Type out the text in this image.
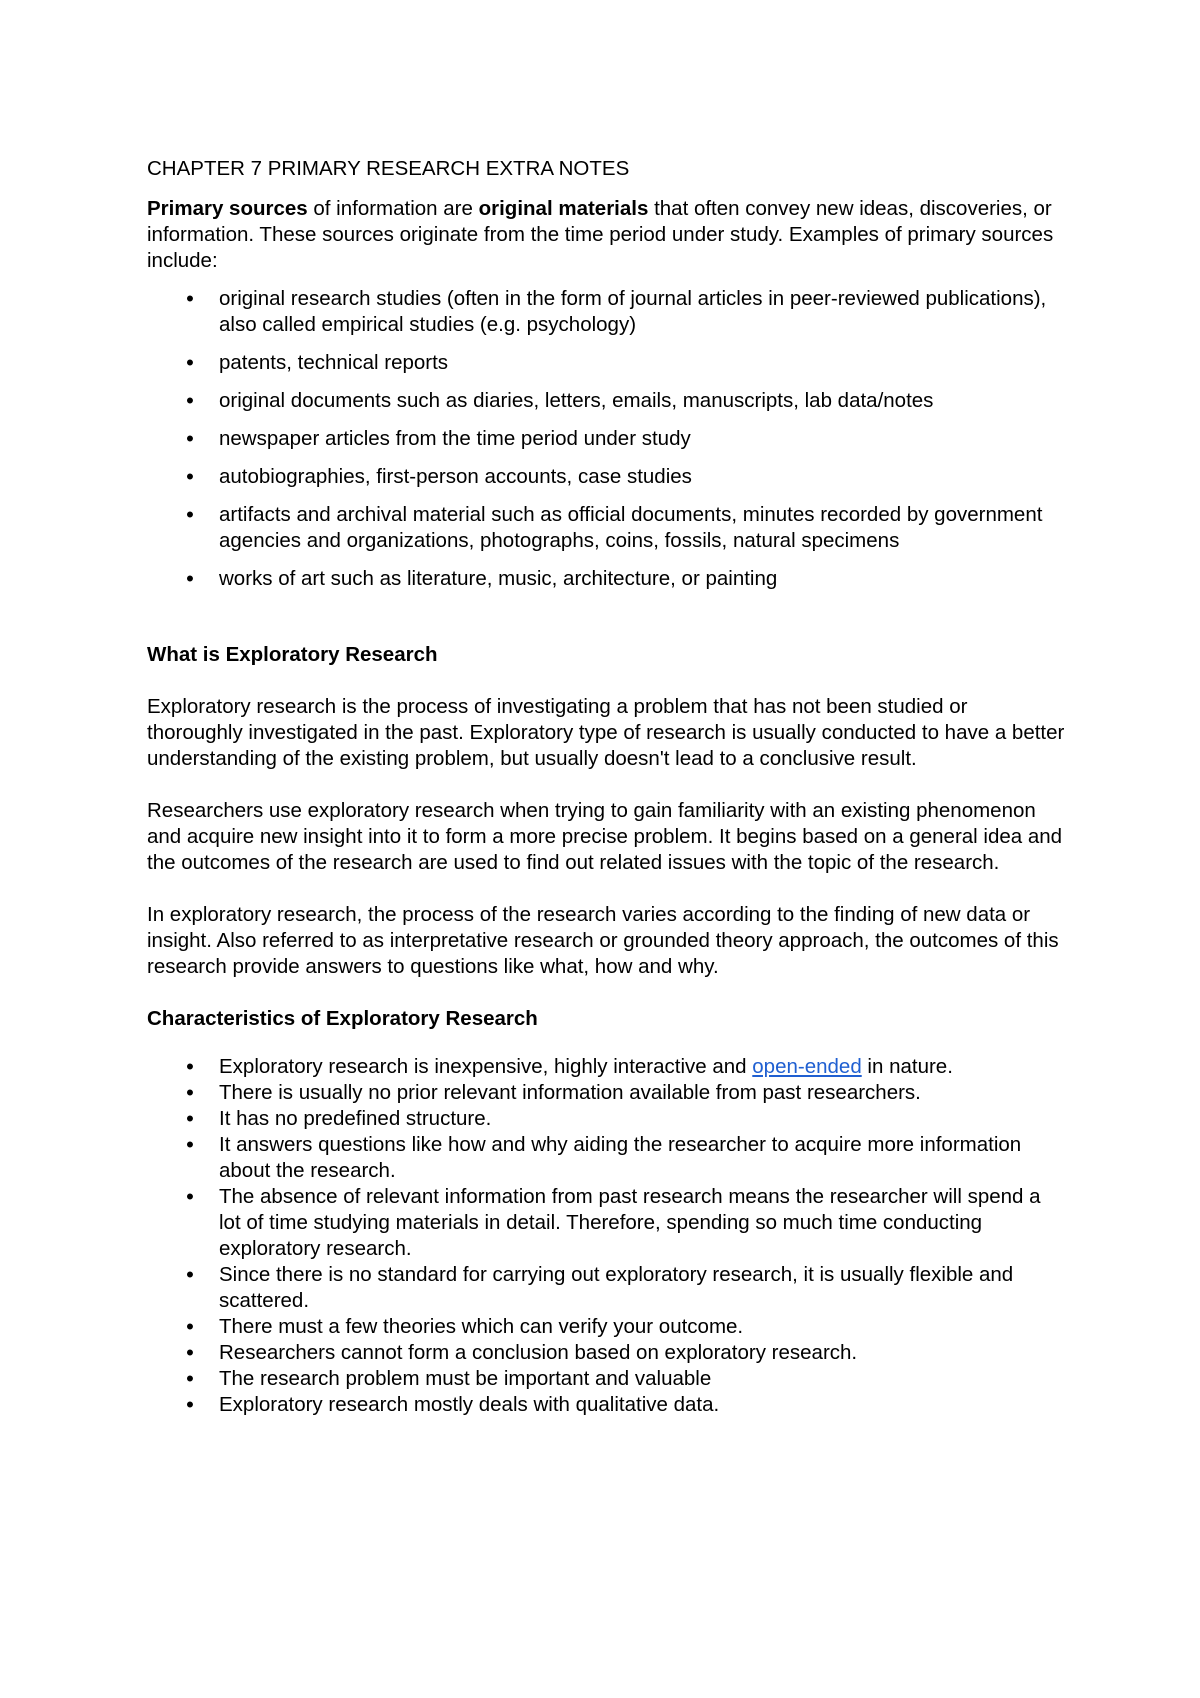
CHAPTER 7 PRIMARY RESEARCH EXTRA NOTES

Primary sources of information are original materials that often convey new ideas, discoveries, or information. These sources originate from the time period under study. Examples of primary sources include:

• original research studies (often in the form of journal articles in peer-reviewed publications), also called empirical studies (e.g. psychology)
• patents, technical reports
• original documents such as diaries, letters, emails, manuscripts, lab data/notes
• newspaper articles from the time period under study
• autobiographies, first-person accounts, case studies
• artifacts and archival material such as official documents, minutes recorded by government agencies and organizations, photographs, coins, fossils, natural specimens
• works of art such as literature, music, architecture, or painting

What is Exploratory Research

Exploratory research is the process of investigating a problem that has not been studied or thoroughly investigated in the past. Exploratory type of research is usually conducted to have a better understanding of the existing problem, but usually doesn't lead to a conclusive result.

Researchers use exploratory research when trying to gain familiarity with an existing phenomenon and acquire new insight into it to form a more precise problem. It begins based on a general idea and the outcomes of the research are used to find out related issues with the topic of the research.

In exploratory research, the process of the research varies according to the finding of new data or insight. Also referred to as interpretative research or grounded theory approach, the outcomes of this research provide answers to questions like what, how and why.

Characteristics of Exploratory Research

• Exploratory research is inexpensive, highly interactive and open-ended in nature.
• There is usually no prior relevant information available from past researchers.
• It has no predefined structure.
• It answers questions like how and why aiding the researcher to acquire more information about the research.
• The absence of relevant information from past research means the researcher will spend a lot of time studying materials in detail. Therefore, spending so much time conducting exploratory research.
• Since there is no standard for carrying out exploratory research, it is usually flexible and scattered.
• There must a few theories which can verify your outcome.
• Researchers cannot form a conclusion based on exploratory research.
• The research problem must be important and valuable
• Exploratory research mostly deals with qualitative data.
